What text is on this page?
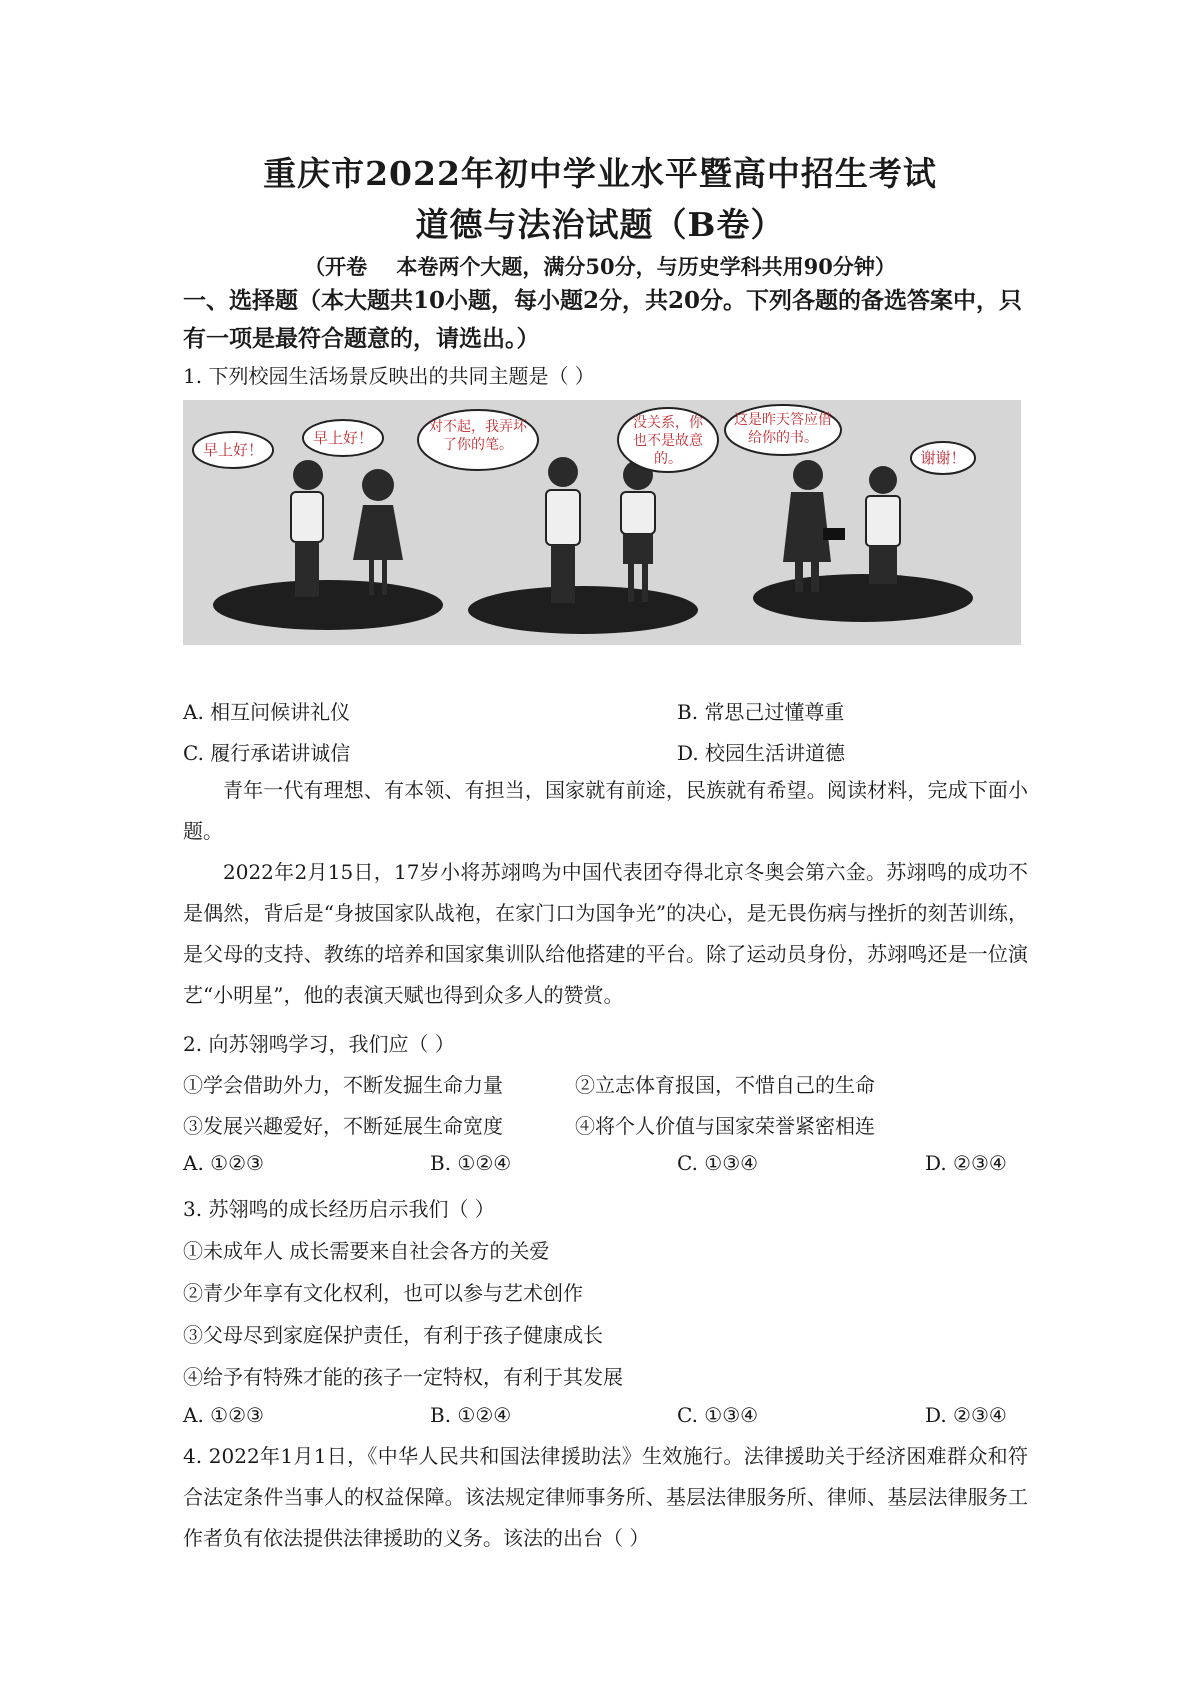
重庆市2022年初中学业水平暨高中招生考试
道德与法治试题（B卷）
（开卷    本卷两个大题，满分50分，与历史学科共用90分钟）
一、选择题（本大题共10小题，每小题2分，共20分。下列各题的备选答案中，只有一项是最符合题意的，请选出。）
1. 下列校园生活场景反映出的共同主题是（ ）
早上好！
早上好！
对不起，我弄坏了你的笔。
没关系，你也不是故意的。
这是昨天答应借给你的书。
谢谢！
A. 相互问候讲礼仪	B. 常思己过懂尊重
C. 履行承诺讲诚信	D. 校园生活讲道德
青年一代有理想、有本领、有担当，国家就有前途，民族就有希望。阅读材料，完成下面小题。
2022年2月15日，17岁小将苏翊鸣为中国代表团夺得北京冬奥会第六金。苏翊鸣的成功不是偶然，背后是“身披国家队战袍，在家门口为国争光”的决心，是无畏伤病与挫折的刻苦训练，是父母的支持、教练的培养和国家集训队给他搭建的平台。除了运动员身份，苏翊鸣还是一位演艺“小明星”，他的表演天赋也得到众多人的赞赏。
2. 向苏翎鸣学习，我们应（ ）
①学会借助外力，不断发掘生命力量	②立志体育报国，不惜自己的生命
③发展兴趣爱好，不断延展生命宽度	④将个人价值与国家荣誉紧密相连
A. ①②③	B. ①②④	C. ①③④	D. ②③④
3. 苏翎鸣的成长经历启示我们（ ）
①未成年人 成长需要来自社会各方的关爱
②青少年享有文化权利，也可以参与艺术创作
③父母尽到家庭保护责任，有利于孩子健康成长
④给予有特殊才能的孩子一定特权，有利于其发展
A. ①②③	B. ①②④	C. ①③④	D. ②③④
4. 2022年1月1日，《中华人民共和国法律援助法》生效施行。法律援助关于经济困难群众和符合法定条件当事人的权益保障。该法规定律师事务所、基层法律服务所、律师、基层法律服务工作者负有依法提供法律援助的义务。该法的出台（ ）
